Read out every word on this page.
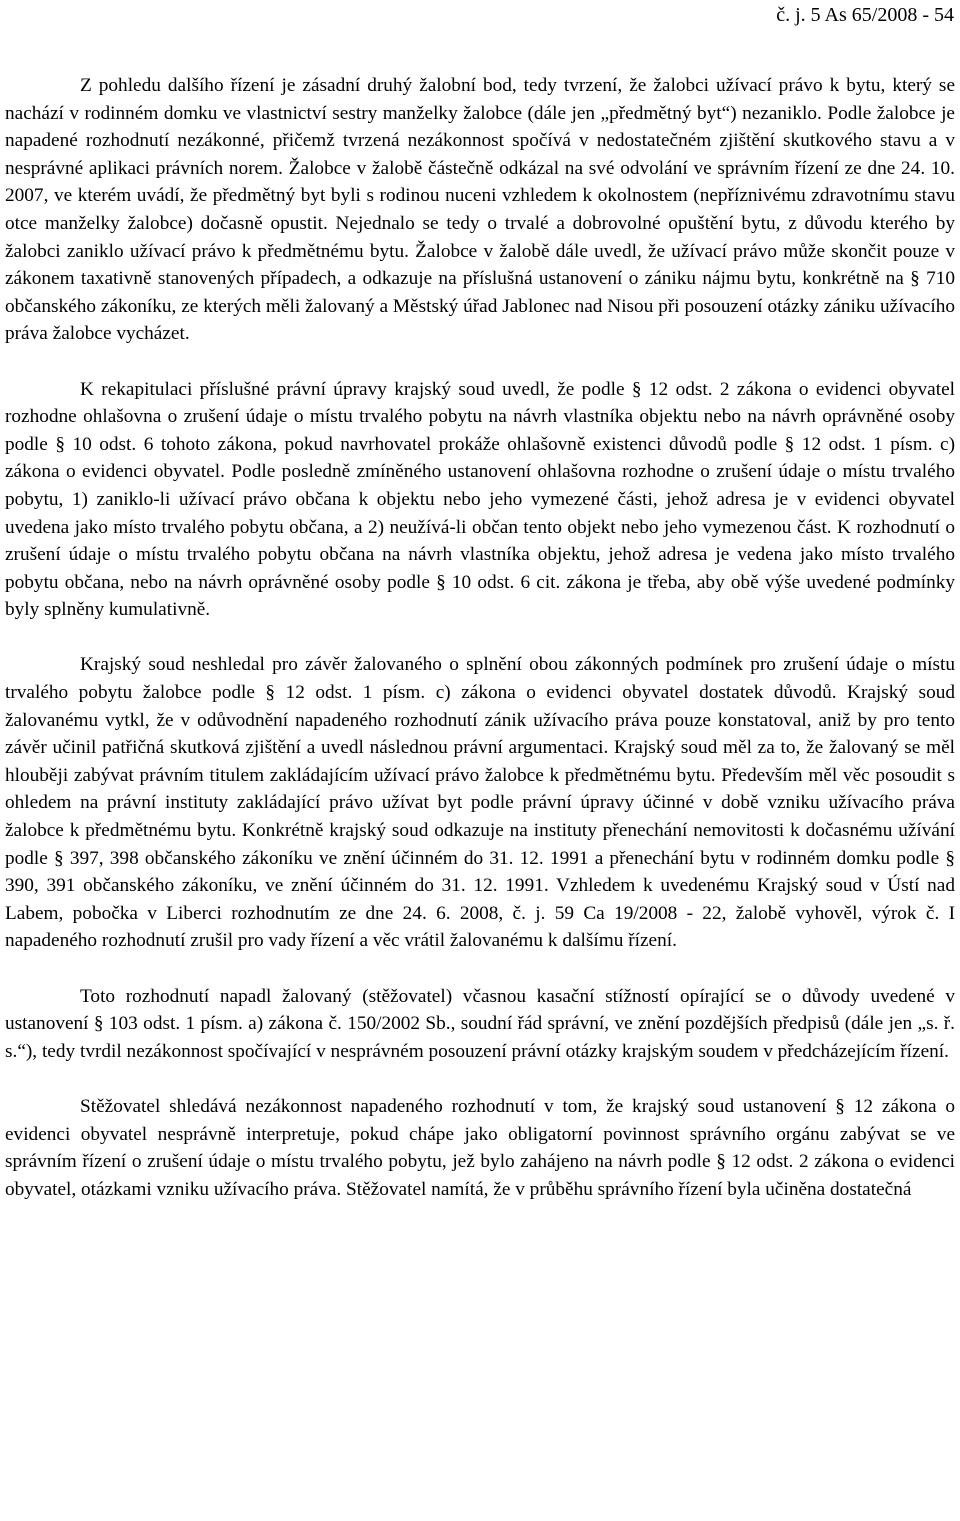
č. j. 5 As 65/2008 - 54

Z pohledu dalšího řízení je zásadní druhý žalobní bod, tedy tvrzení, že žalobci užívací právo k bytu, který se nachází v rodinném domku ve vlastnictví sestry manželky žalobce (dále jen „předmětný byt“) nezaniklo. Podle žalobce je napadené rozhodnutí nezákonné, přičemž tvrzená nezákonnost spočívá v nedostatečném zjištění skutkového stavu a v nesprávné aplikaci právních norem. Žalobce v žalobě částečně odkázal na své odvolání ve správním řízení ze dne 24. 10. 2007, ve kterém uvádí, že předmětný byt byli s rodinou nuceni vzhledem k okolnostem (nepříznivému zdravotnímu stavu otce manželky žalobce) dočasně opustit. Nejednalo se tedy o trvalé a dobrovolné opuštění bytu, z důvodu kterého by žalobci zaniklo užívací právo k předmětnému bytu. Žalobce v žalobě dále uvedl, že užívací právo může skončit pouze v zákonem taxativně stanovených případech, a odkazuje na příslušná ustanovení o zániku nájmu bytu, konkrétně na § 710 občanského zákoníku, ze kterých měli žalovaný a Městský úřad Jablonec nad Nisou při posouzení otázky zániku užívacího práva žalobce vycházet.

K rekapitulaci příslušné právní úpravy krajský soud uvedl, že podle § 12 odst. 2 zákona o evidenci obyvatel rozhodne ohlašovna o zrušení údaje o místu trvalého pobytu na návrh vlastníka objektu nebo na návrh oprávněné osoby podle § 10 odst. 6 tohoto zákona, pokud navrhovatel prokáže ohlašovně existenci důvodů podle § 12 odst. 1 písm. c) zákona o evidenci obyvatel. Podle posledně zmíněného ustanovení ohlašovna rozhodne o zrušení údaje o místu trvalého pobytu, 1) zaniklo-li užívací právo občana k objektu nebo jeho vymezené části, jehož adresa je v evidenci obyvatel uvedena jako místo trvalého pobytu občana, a 2) neužívá-li občan tento objekt nebo jeho vymezenou část. K rozhodnutí o zrušení údaje o místu trvalého pobytu občana na návrh vlastníka objektu, jehož adresa je vedena jako místo trvalého pobytu občana, nebo na návrh oprávněné osoby podle § 10 odst. 6 cit. zákona je třeba, aby obě výše uvedené podmínky byly splněny kumulativně.

Krajský soud neshledal pro závěr žalovaného o splnění obou zákonných podmínek pro zrušení údaje o místu trvalého pobytu žalobce podle § 12 odst. 1 písm. c) zákona o evidenci obyvatel dostatek důvodů. Krajský soud žalovanému vytkl, že v odůvodnění napadeného rozhodnutí zánik užívacího práva pouze konstatoval, aniž by pro tento závěr učinil patřičná skutková zjištění a uvedl následnou právní argumentaci. Krajský soud měl za to, že žalovaný se měl hlouběji zabývat právním titulem zakládajícím užívací právo žalobce k předmětnému bytu. Především měl věc posoudit s ohledem na právní instituty zakládající právo užívat byt podle právní úpravy účinné v době vzniku užívacího práva žalobce k předmětnému bytu. Konkrétně krajský soud odkazuje na instituty přenechání nemovitosti k dočasnému užívání podle § 397, 398 občanského zákoníku ve znění účinném do 31. 12. 1991 a přenechání bytu v rodinném domku podle § 390, 391 občanského zákoníku, ve znění účinném do 31. 12. 1991. Vzhledem k uvedenému Krajský soud v Ústí nad Labem, pobočka v Liberci rozhodnutím ze dne 24. 6. 2008, č. j. 59 Ca 19/2008 - 22, žalobě vyhověl, výrok č. I napadeného rozhodnutí zrušil pro vady řízení a věc vrátil žalovanému k dalšímu řízení.

Toto rozhodnutí napadl žalovaný (stěžovatel) včasnou kasační stížností opírající se o důvody uvedené v ustanovení § 103 odst. 1 písm. a) zákona č. 150/2002 Sb., soudní řád správní, ve znění pozdějších předpisů (dále jen „s. ř. s.“), tedy tvrdil nezákonnost spočívající v nesprávném posouzení právní otázky krajským soudem v předcházejícím řízení.

Stěžovatel shledává nezákonnost napadeného rozhodnutí v tom, že krajský soud ustanovení § 12 zákona o evidenci obyvatel nesprávně interpretuje, pokud chápe jako obligatorní povinnost správního orgánu zabývat se ve správním řízení o zrušení údaje o místu trvalého pobytu, jež bylo zahájeno na návrh podle § 12 odst. 2 zákona o evidenci obyvatel, otázkami vzniku užívacího práva. Stěžovatel namítá, že v průběhu správního řízení byla učiněna dostatečná
